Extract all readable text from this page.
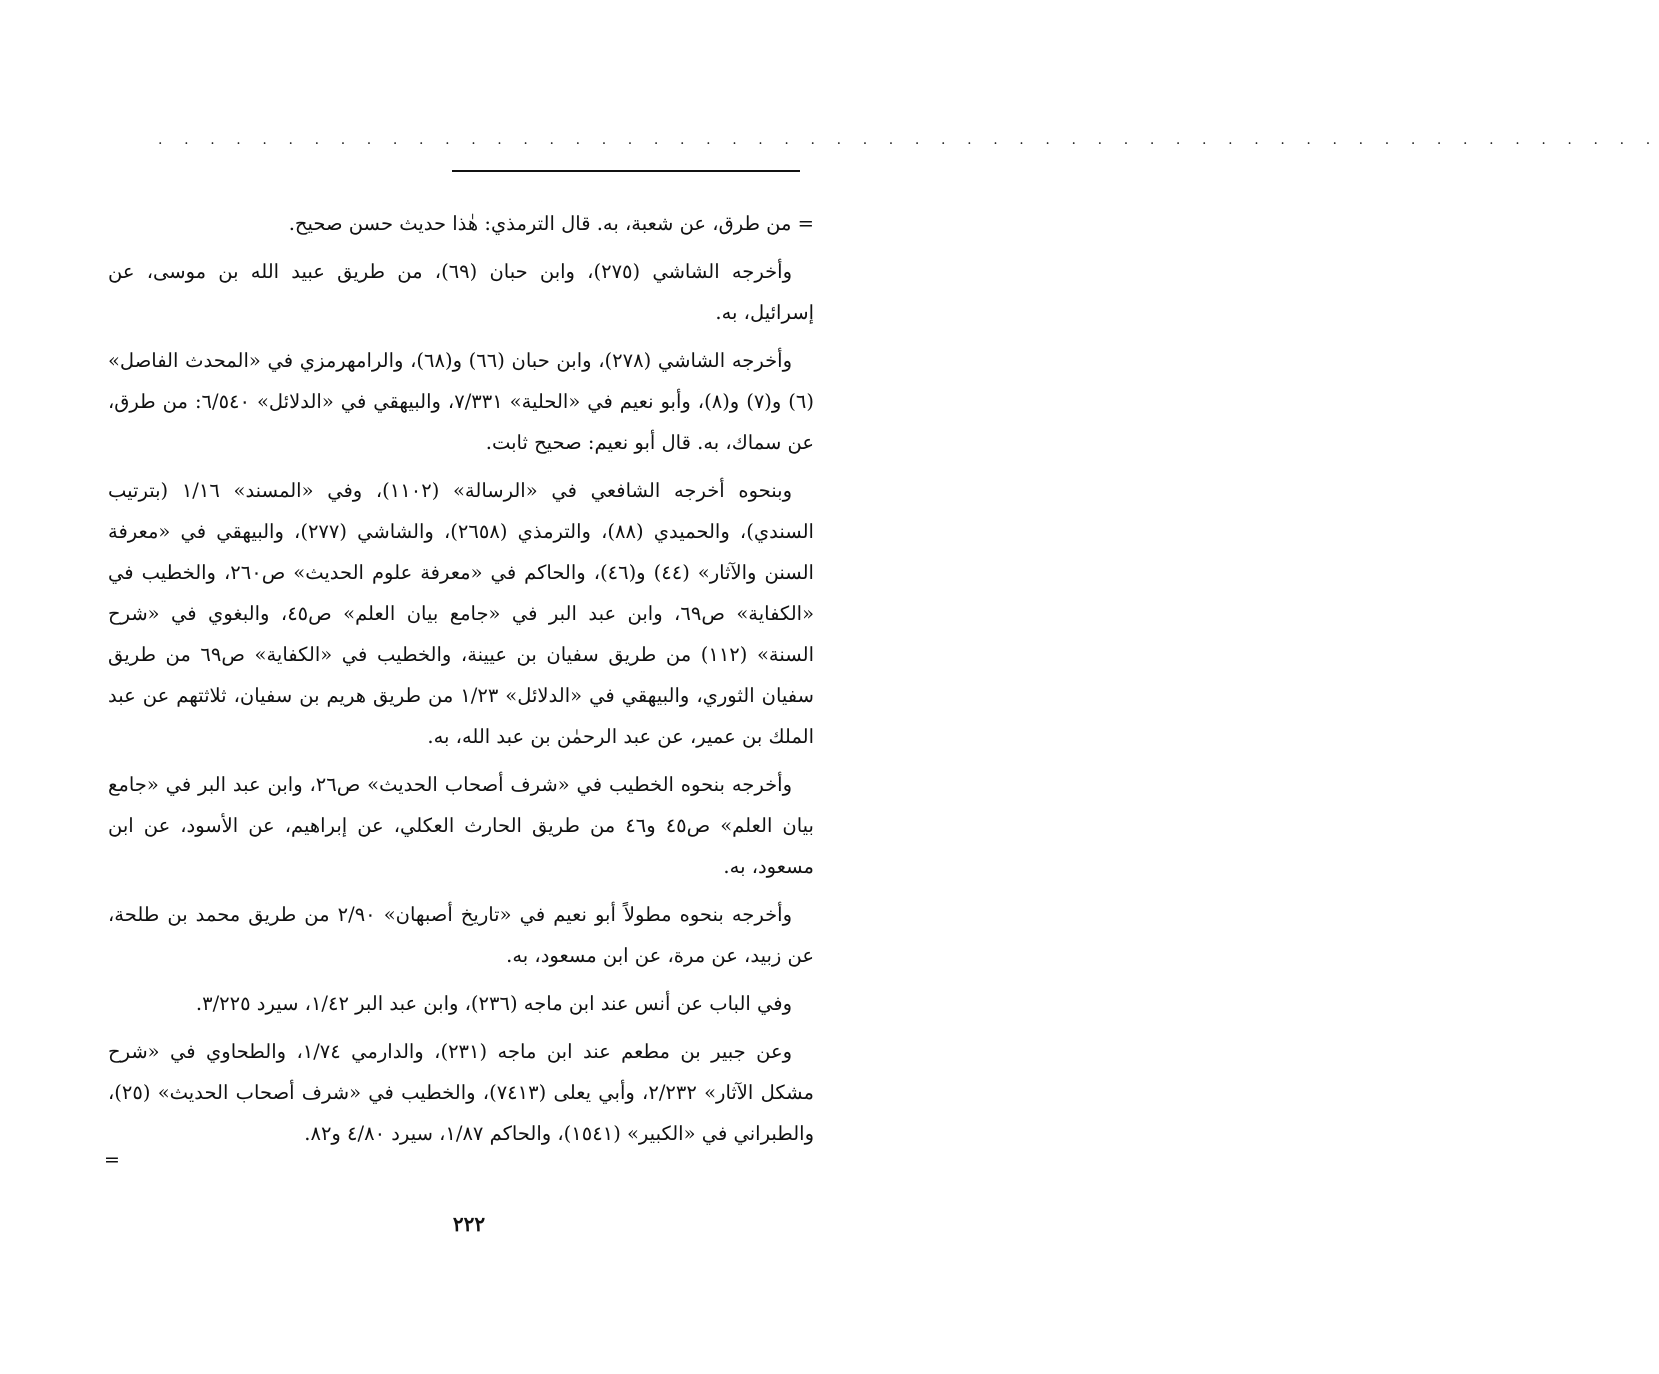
. . . . . . . . . . . . . . . . . . . . . . . . . . . . . . . . . . . . . . . . . . . . . . . . . . . . . . . . . .

= من طرق، عن شعبة، به. قال الترمذي: هٰذا حديث حسن صحيح.

وأخرجه الشاشي (٢٧٥)، وابن حبان (٦٩)، من طريق عبيد الله بن موسى، عن إسرائيل، به.

وأخرجه الشاشي (٢٧٨)، وابن حبان (٦٦) و(٦٨)، والرامهرمزي في «المحدث الفاصل» (٦) و(٧) و(٨)، وأبو نعيم في «الحلية» ٧/٣٣١، والبيهقي في «الدلائل» ٦/٥٤٠: من طرق، عن سماك، به. قال أبو نعيم: صحيح ثابت.

وبنحوه أخرجه الشافعي في «الرسالة» (١١٠٢)، وفي «المسند» ١/١٦ (بترتيب السندي)، والحميدي (٨٨)، والترمذي (٢٦٥٨)، والشاشي (٢٧٧)، والبيهقي في «معرفة السنن والآثار» (٤٤) و(٤٦)، والحاكم في «معرفة علوم الحديث» ص٢٦٠، والخطيب في «الكفاية» ص٦٩، وابن عبد البر في «جامع بيان العلم» ص٤٥، والبغوي في «شرح السنة» (١١٢) من طريق سفيان بن عيينة، والخطيب في «الكفاية» ص٦٩ من طريق سفيان الثوري، والبيهقي في «الدلائل» ١/٢٣ من طريق هريم بن سفيان، ثلاثتهم عن عبد الملك بن عمير، عن عبد الرحمٰن بن عبد الله، به.

وأخرجه بنحوه الخطيب في «شرف أصحاب الحديث» ص٢٦، وابن عبد البر في «جامع بيان العلم» ص٤٥ و٤٦ من طريق الحارث العكلي، عن إبراهيم، عن الأسود، عن ابن مسعود، به.

وأخرجه بنحوه مطولاً أبو نعيم في «تاريخ أصبهان» ٢/٩٠ من طريق محمد بن طلحة، عن زبيد، عن مرة، عن ابن مسعود، به.

وفي الباب عن أنس عند ابن ماجه (٢٣٦)، وابن عبد البر ١/٤٢، سيرد ٣/٢٢٥.

وعن جبير بن مطعم عند ابن ماجه (٢٣١)، والدارمي ١/٧٤، والطحاوي في «شرح مشكل الآثار» ٢/٢٣٢، وأبي يعلى (٧٤١٣)، والخطيب في «شرف أصحاب الحديث» (٢٥)، والطبراني في «الكبير» (١٥٤١)، والحاكم ١/٨٧، سيرد ٤/٨٠ و٨٢.

=
٢٢٢
